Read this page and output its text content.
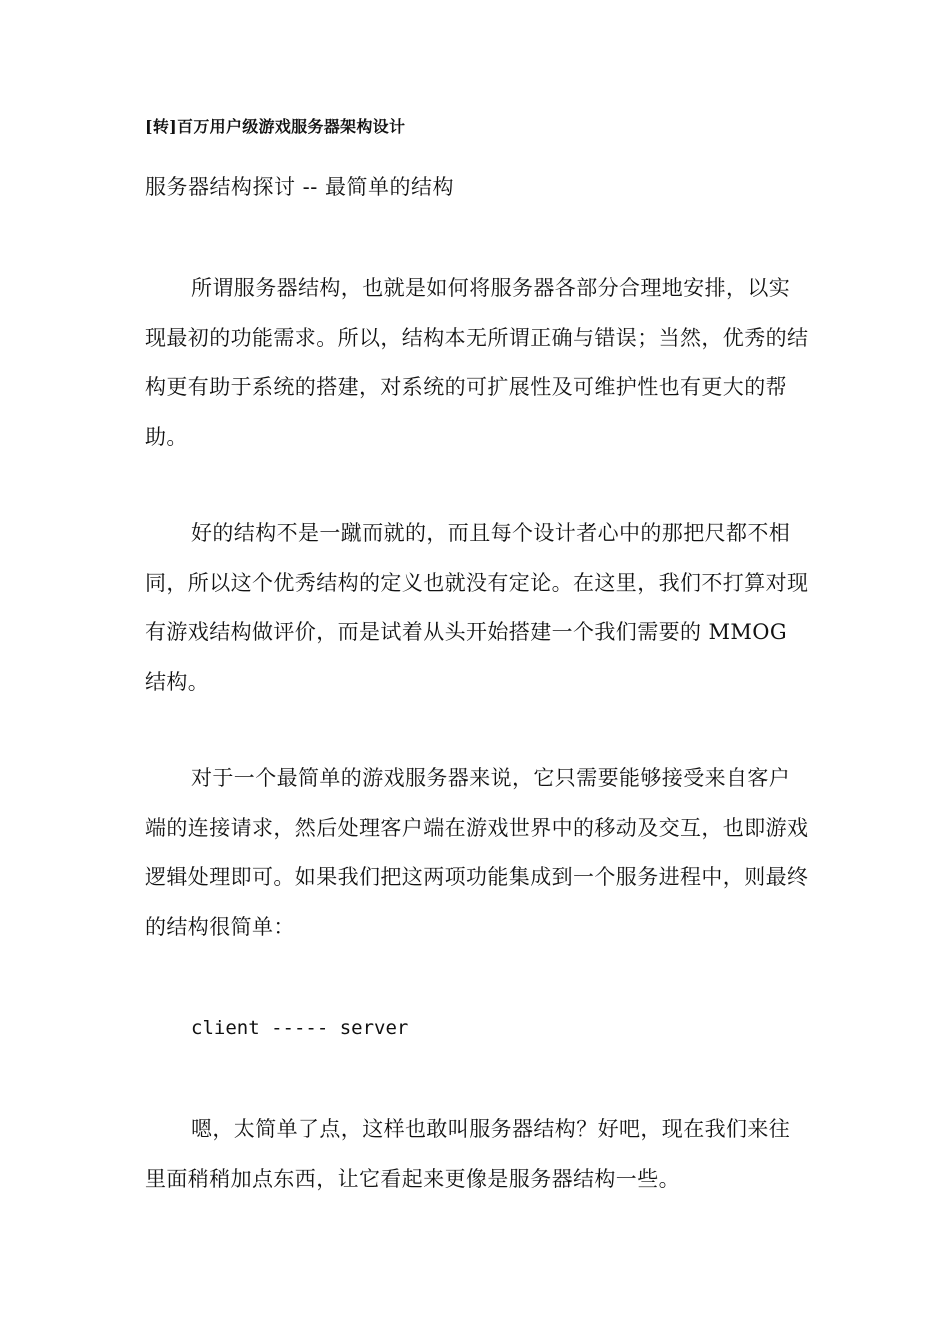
[转]百万用户级游戏服务器架构设计
服务器结构探讨 -- 最简单的结构

所谓服务器结构，也就是如何将服务器各部分合理地安排，以实现最初的功能需求。所以，结构本无所谓正确与错误；当然，优秀的结构更有助于系统的搭建，对系统的可扩展性及可维护性也有更大的帮助。

好的结构不是一蹴而就的，而且每个设计者心中的那把尺都不相同，所以这个优秀结构的定义也就没有定论。在这里，我们不打算对现有游戏结构做评价，而是试着从头开始搭建一个我们需要的 MMOG 结构。

对于一个最简单的游戏服务器来说，它只需要能够接受来自客户端的连接请求，然后处理客户端在游戏世界中的移动及交互，也即游戏逻辑处理即可。如果我们把这两项功能集成到一个服务进程中，则最终的结构很简单：

client ----- server

嗯，太简单了点，这样也敢叫服务器结构？好吧，现在我们来往里面稍稍加点东西，让它看起来更像是服务器结构一些。
